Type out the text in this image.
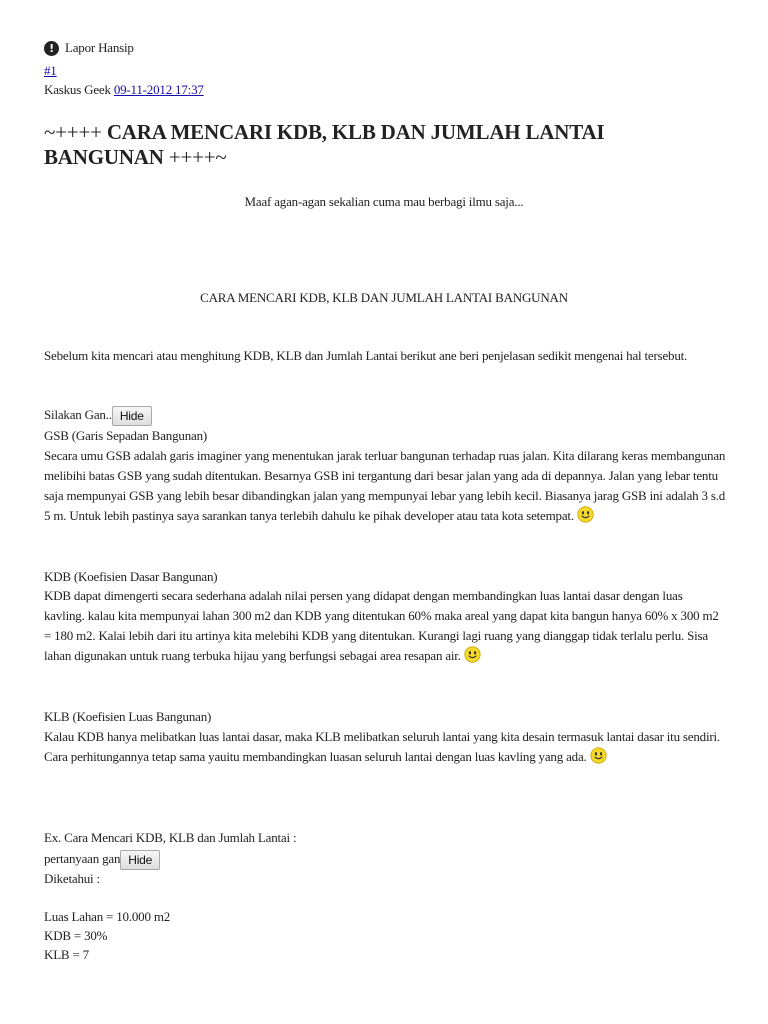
! Lapor Hansip
#1
Kaskus Geek 09-11-2012 17:37
~++++ CARA MENCARI KDB, KLB DAN JUMLAH LANTAI BANGUNAN ++++~
Maaf agan-agan sekalian cuma mau berbagi ilmu saja...
CARA MENCARI KDB, KLB DAN JUMLAH LANTAI BANGUNAN
Sebelum kita mencari atau menghitung KDB, KLB dan Jumlah Lantai berikut ane beri penjelasan sedikit mengenai hal tersebut.
Silakan Gan.. Hide
GSB (Garis Sepadan Bangunan)
Secara umu GSB adalah garis imaginer yang menentukan jarak terluar bangunan terhadap ruas jalan. Kita dilarang keras membangunan melibihi batas GSB yang sudah ditentukan. Besarnya GSB ini tergantung dari besar jalan yang ada di depannya. Jalan yang lebar tentu saja mempunyai GSB yang lebih besar dibandingkan jalan yang mempunyai lebar yang lebih kecil. Biasanya jarag GSB ini adalah 3 s.d 5 m. Untuk lebih pastinya saya sarankan tanya terlebih dahulu ke pihak developer atau tata kota setempat.
KDB (Koefisien Dasar Bangunan)
KDB dapat dimengerti secara sederhana adalah nilai persen yang didapat dengan membandingkan luas lantai dasar dengan luas kavling. kalau kita mempunyai lahan 300 m2 dan KDB yang ditentukan 60% maka areal yang dapat kita bangun hanya 60% x 300 m2 = 180 m2. Kalai lebih dari itu artinya kita melebihi KDB yang ditentukan. Kurangi lagi ruang yang dianggap tidak terlalu perlu. Sisa lahan digunakan untuk ruang terbuka hijau yang berfungsi sebagai area resapan air.
KLB (Koefisien Luas Bangunan)
Kalau KDB hanya melibatkan luas lantai dasar, maka KLB melibatkan seluruh lantai yang kita desain termasuk lantai dasar itu sendiri. Cara perhitungannya tetap sama yauitu membandingkan luasan seluruh lantai dengan luas kavling yang ada.
Ex. Cara Mencari KDB, KLB dan Jumlah Lantai :
pertanyaan gan Hide
Diketahui :
Luas Lahan = 10.000 m2
KDB = 30%
KLB = 7
